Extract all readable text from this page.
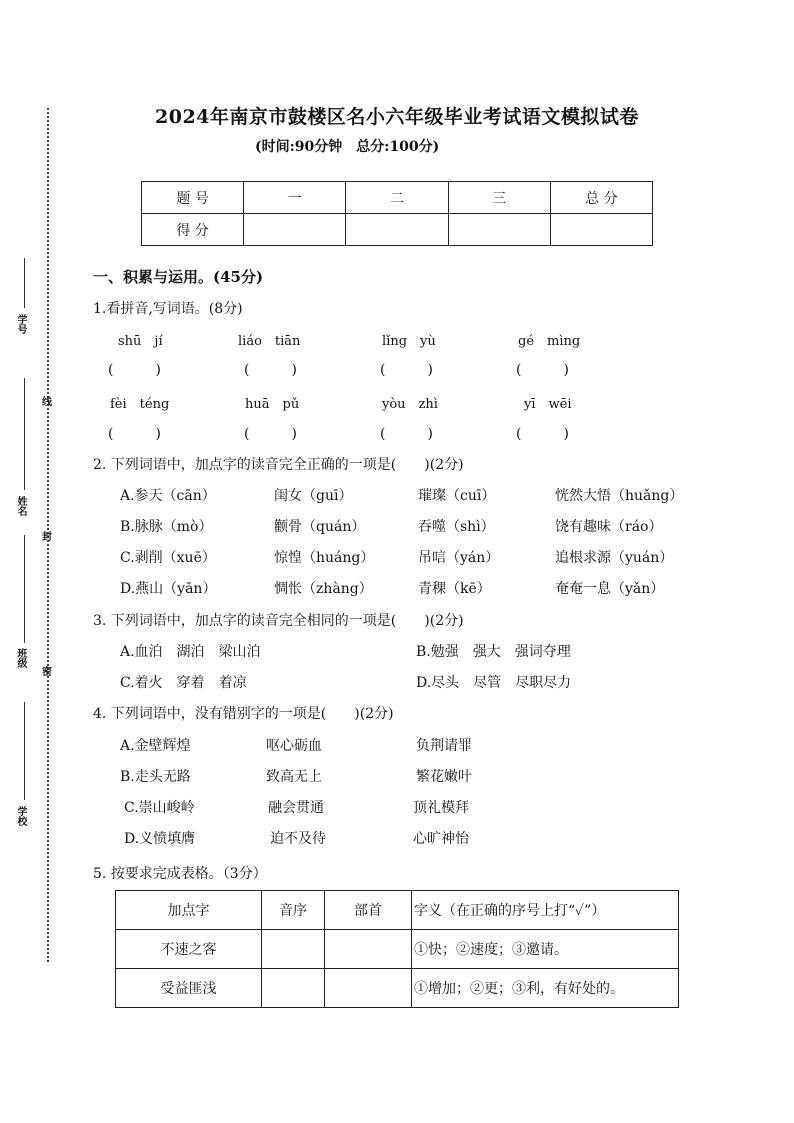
学号
姓名
班级
学校
线
封
密
2024年南京市鼓楼区名小六年级毕业考试语文模拟试卷
(时间:90分钟　总分:100分)
题 号	一	二	三	总 分
得 分				
一、积累与运用。(45分)
1.看拼音,写词语。(8分)
shū　jí	liáo　tiān	lǐng　yù	gé　mìng
(　　　)	(　　　)	(　　　)	(　　　)
fèi　téng	huā　pǔ	yòu　zhì	yī　wēi
(　　　)	(　　　)	(　　　)	(　　　)
2. 下列词语中，加点字的读音完全正确的一项是(　　)(2分)
A.参天（cān）	闺女（guī）	璀璨（cuī）	恍然大悟（huǎng）
B.脉脉（mò）	颧骨（quán）	吞噬（shì）	饶有趣味（ráo）
C.剥削（xuē）	惊惶（huáng）	吊唁（yán）	追根求源（yuán）
D.燕山（yān）	惆怅（zhàng）	青稞（kē）	奄奄一息（yǎn）
3. 下列词语中，加点字的读音完全相同的一项是(　　)(2分)
A.血泊　湖泊　梁山泊	B.勉强　强大　强词夺理
C.着火　穿着　着凉	D.尽头　尽管　尽职尽力
4. 下列词语中，没有错别字的一项是(　　)(2分)
A.金壁辉煌	呕心砺血	负荆请罪
B.走头无路	致高无上	繁花嫩叶
C.崇山峻岭	融会贯通	顶礼模拜
D.义愤填膺	迫不及待	心旷神怡
5. 按要求完成表格。（3分）
加点字	音序	部首	字义（在正确的序号上打“✓”）
不速之客			①快；②速度；③邀请。
受益匪浅			①增加；②更；③利，有好处的。
